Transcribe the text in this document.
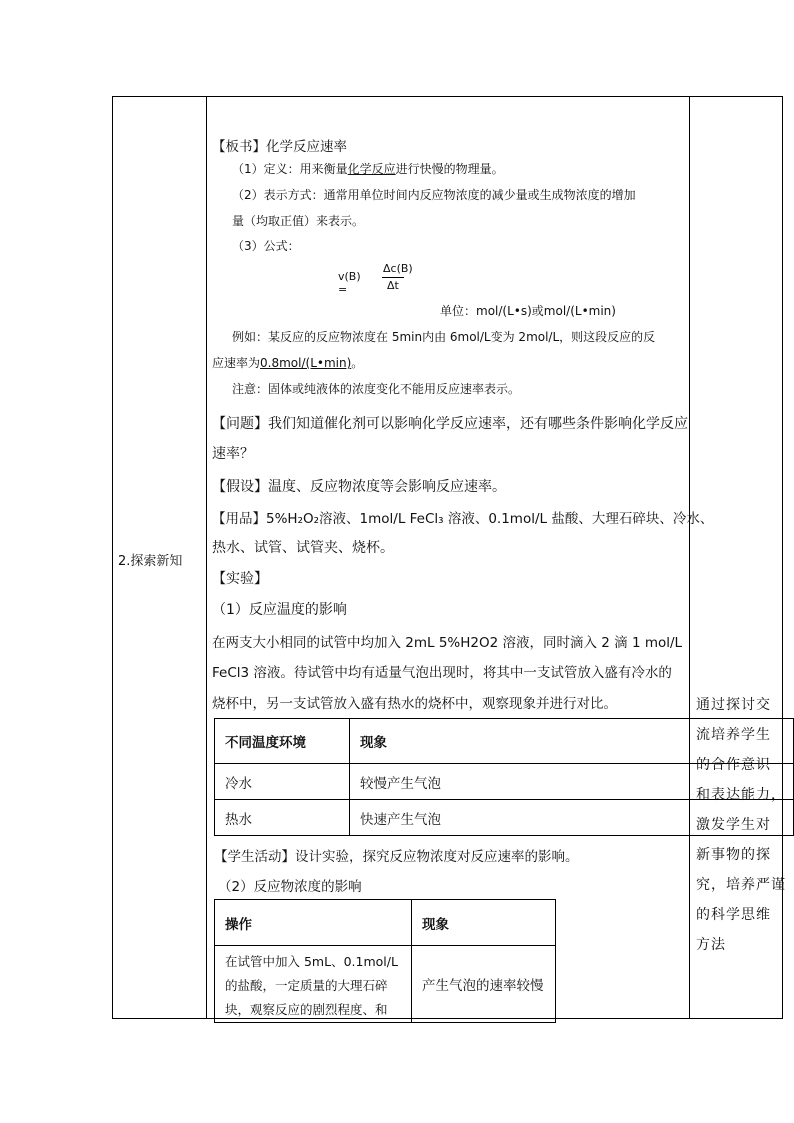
2.探索新知
【板书】化学反应速率
（1）定义：用来衡量化学反应进行快慢的物理量。
（2）表示方式：通常用单位时间内反应物浓度的减少量或生成物浓度的增加
量（均取正值）来表示。
（3）公式：
v(B) =
Δc(B)
Δt
单位：mol/(L•s)或mol/(L•min)
例如：某反应的反应物浓度在 5min内由 6mol/L变为 2mol/L，则这段反应的反
应速率为0.8mol/(L•min)。
注意：固体或纯液体的浓度变化不能用反应速率表示。
【问题】我们知道催化剂可以影响化学反应速率，还有哪些条件影响化学反应
速率？
【假设】温度、反应物浓度等会影响反应速率。
【用品】5%H₂O₂溶液、1mol/L FeCl₃ 溶液、0.1mol/L 盐酸、大理石碎块、冷水、
热水、试管、试管夹、烧杯。
【实验】
（1）反应温度的影响
在两支大小相同的试管中均加入 2mL 5%H2O2 溶液，同时滴入 2 滴 1 mol/L
FeCl3 溶液。待试管中均有适量气泡出现时，将其中一支试管放入盛有冷水的
烧杯中，另一支试管放入盛有热水的烧杯中，观察现象并进行对比。
不同温度环境	现象
冷水	较慢产生气泡
热水	快速产生气泡
【学生活动】设计实验，探究反应物浓度对反应速率的影响。
（2）反应物浓度的影响
操作	现象

在试管中加入 5mL、0.1mol/L
的盐酸，一定质量的大理石碎
块，观察反应的剧烈程度、和	产生气泡的速率较慢
通过探讨交
流培养学生
的合作意识
和表达能力，
激发学生对
新事物的探
究，培养严谨
的科学思维
方法
